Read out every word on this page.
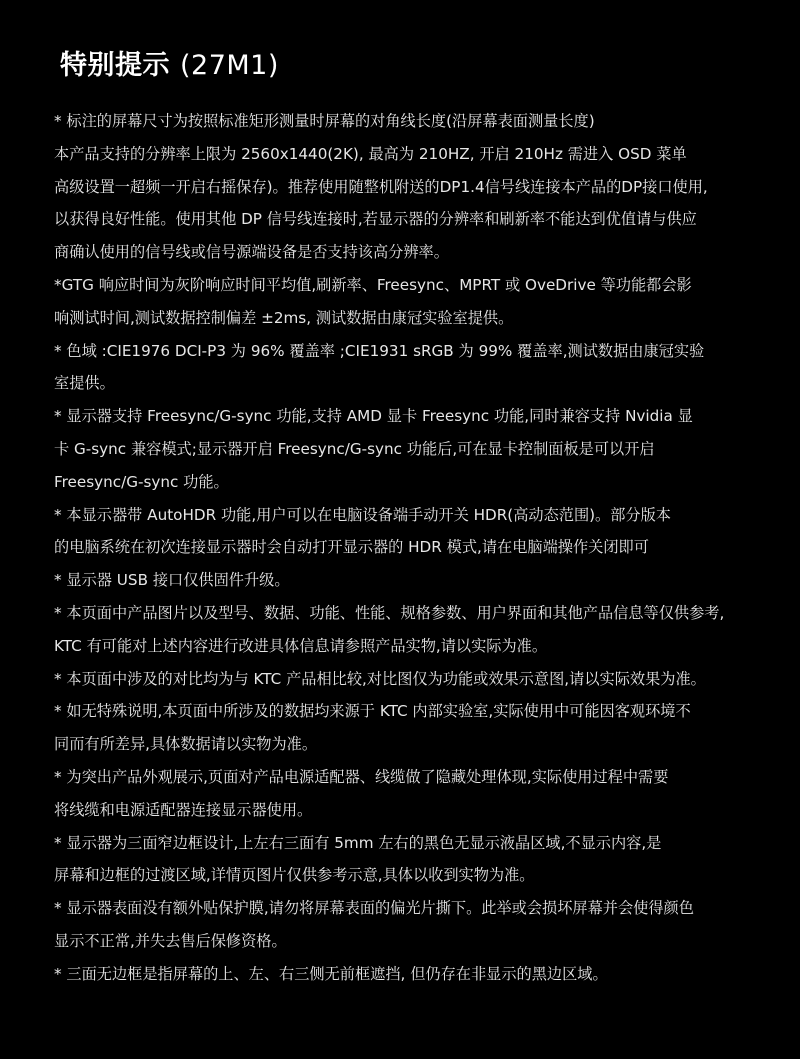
特别提示 (27M1)
* 标注的屏幕尺寸为按照标准矩形测量时屏幕的对角线长度(沿屏幕表面测量长度)
本产品支持的分辨率上限为 2560x1440(2K), 最高为 210HZ, 开启 210Hz 需进入 OSD 菜单
高级设置一超频一开启右摇保存)。推荐使用随整机附送的DP1.4信号线连接本产品的DP接口使用,
以获得良好性能。使用其他 DP 信号线连接时,若显示器的分辨率和刷新率不能达到优值请与供应
商确认使用的信号线或信号源端设备是否支持该高分辨率。
*GTG 响应时间为灰阶响应时间平均值,刷新率、Freesync、MPRT 或 OveDrive 等功能都会影
响测试时间,测试数据控制偏差 ±2ms, 测试数据由康冠实验室提供。
* 色域 :CIE1976 DCI-P3 为 96% 覆盖率 ;CIE1931 sRGB 为 99% 覆盖率,测试数据由康冠实验
室提供。
* 显示器支持 Freesync/G-sync 功能,支持 AMD 显卡 Freesync 功能,同时兼容支持 Nvidia 显
卡 G-sync 兼容模式;显示器开启 Freesync/G-sync 功能后,可在显卡控制面板是可以开启
Freesync/G-sync 功能。
* 本显示器带 AutoHDR 功能,用户可以在电脑设备端手动开关 HDR(高动态范围)。部分版本
的电脑系统在初次连接显示器时会自动打开显示器的 HDR 模式,请在电脑端操作关闭即可
* 显示器 USB 接口仅供固件升级。
* 本页面中产品图片以及型号、数据、功能、性能、规格参数、用户界面和其他产品信息等仅供参考,
KTC 有可能对上述内容进行改进具体信息请参照产品实物,请以实际为准。
* 本页面中涉及的对比均为与 KTC 产品相比较,对比图仅为功能或效果示意图,请以实际效果为准。
* 如无特殊说明,本页面中所涉及的数据均来源于 KTC 内部实验室,实际使用中可能因客观环境不
同而有所差异,具体数据请以实物为准。
* 为突出产品外观展示,页面对产品电源适配器、线缆做了隐藏处理体现,实际使用过程中需要
将线缆和电源适配器连接显示器使用。
* 显示器为三面窄边框设计,上左右三面有 5mm 左右的黑色无显示液晶区域,不显示内容,是
屏幕和边框的过渡区域,详情页图片仅供参考示意,具体以收到实物为准。
* 显示器表面没有额外贴保护膜,请勿将屏幕表面的偏光片撕下。此举或会损坏屏幕并会使得颜色
显示不正常,并失去售后保修资格。
* 三面无边框是指屏幕的上、左、右三侧无前框遮挡, 但仍存在非显示的黑边区域。
